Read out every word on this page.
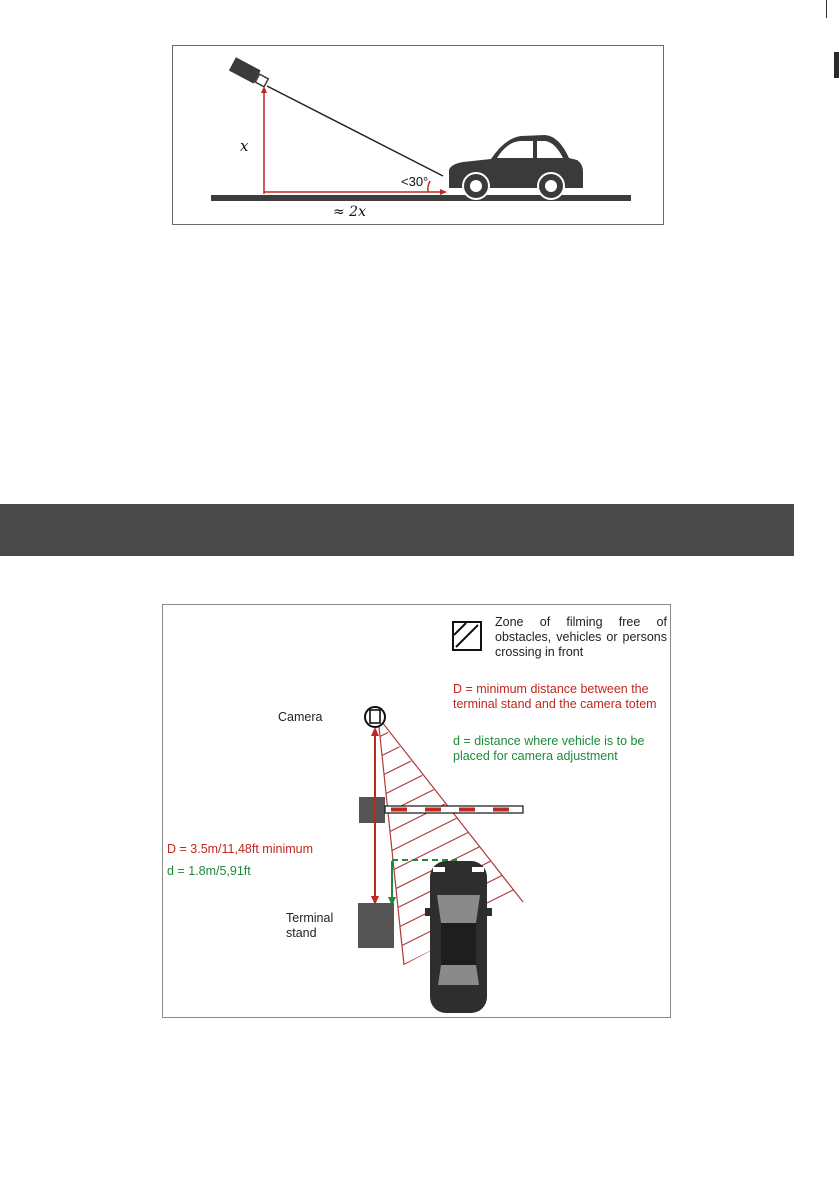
x
≈ 2x
<30°
Zone of filming free of obstacles, vehicles or persons crossing in front
D = minimum distance between the terminal stand and the camera totem
d = distance where vehicle is to be placed for camera adjustment
Camera
D = 3.5m/11,48ft minimum
d = 1.8m/5,91ft
Terminal stand
